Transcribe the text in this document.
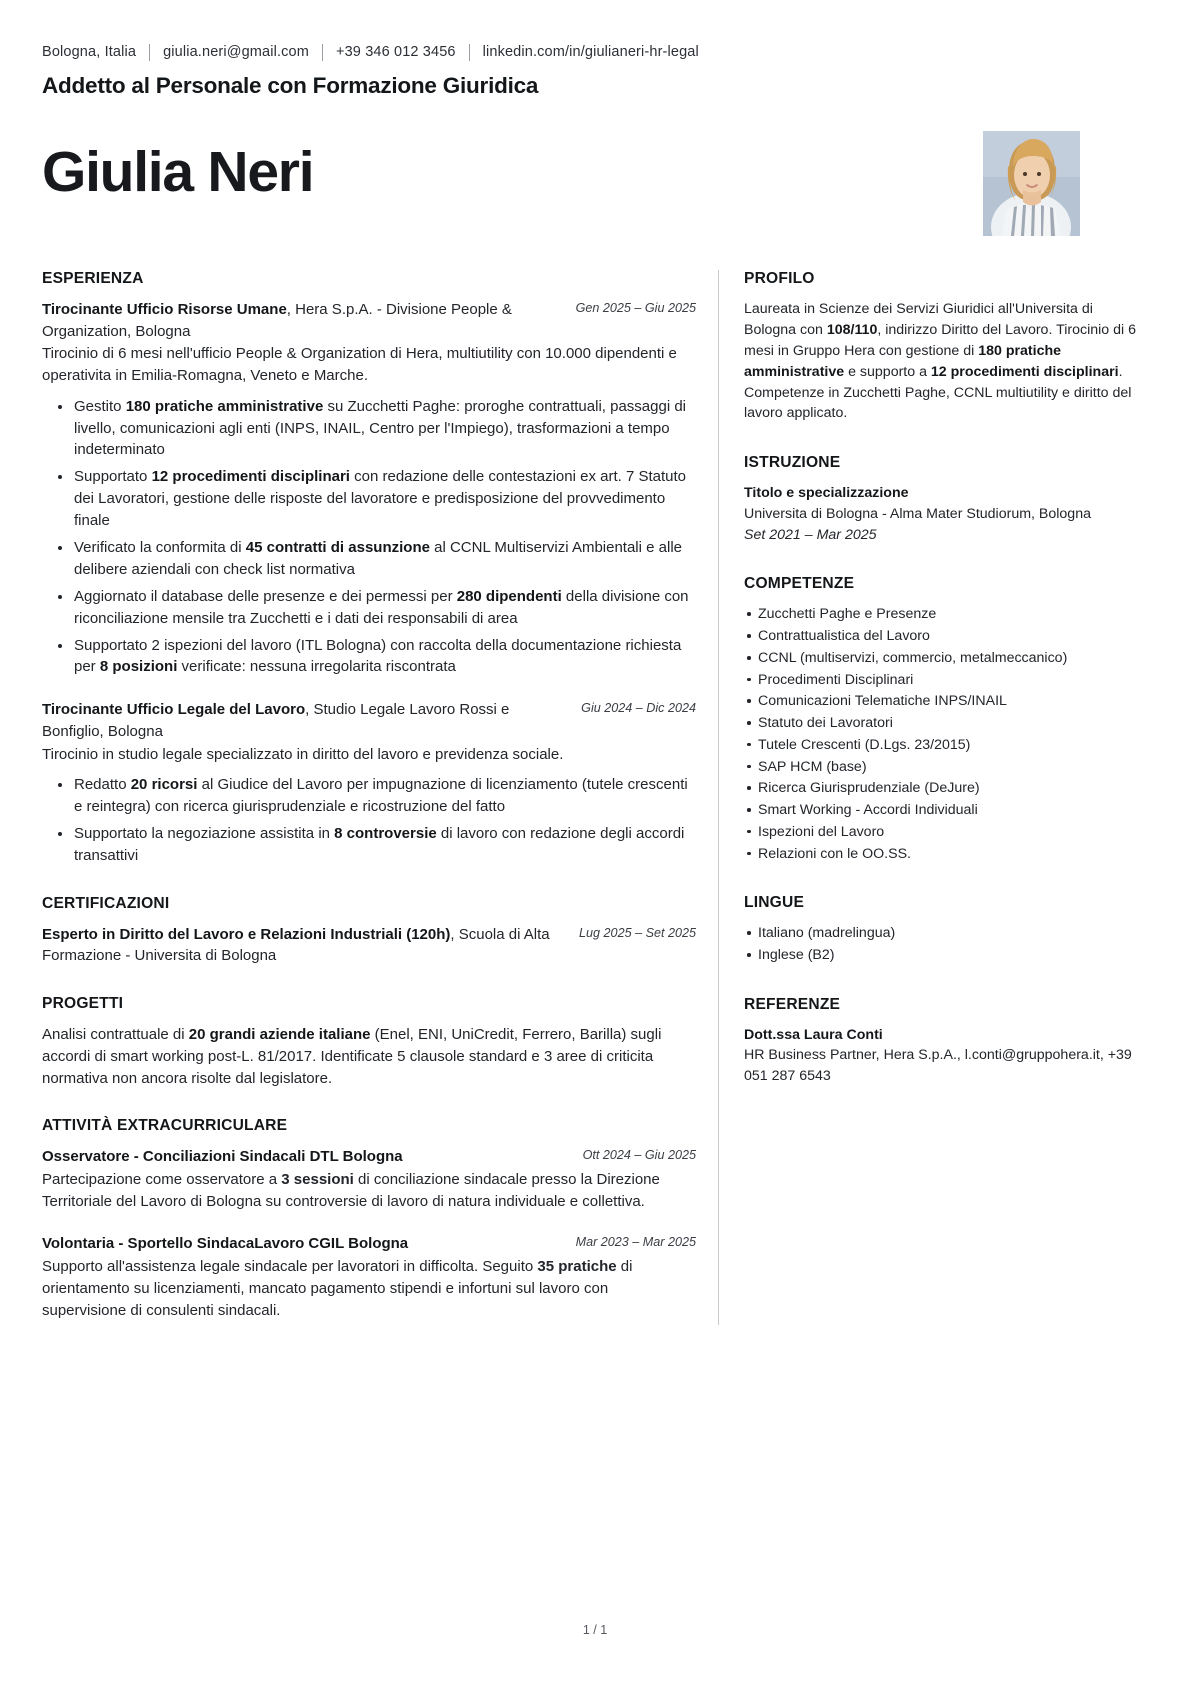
Bologna, Italia giulia.neri@gmail.com +39 346 012 3456 linkedin.com/in/giulianeri-hr-legal
Addetto al Personale con Formazione Giuridica
Giulia Neri
ESPERIENZA
Gen 2025 – Giu 2025
Tirocinante Ufficio Risorse Umane, Hera S.p.A. - Divisione People & Organization, Bologna
Tirocinio di 6 mesi nell'ufficio People & Organization di Hera, multiutility con 10.000 dipendenti e operativita in Emilia-Romagna, Veneto e Marche.
Gestito 180 pratiche amministrative su Zucchetti Paghe: proroghe contrattuali, passaggi di livello, comunicazioni agli enti (INPS, INAIL, Centro per l'Impiego), trasformazioni a tempo indeterminato
Supportato 12 procedimenti disciplinari con redazione delle contestazioni ex art. 7 Statuto dei Lavoratori, gestione delle risposte del lavoratore e predisposizione del provvedimento finale
Verificato la conformita di 45 contratti di assunzione al CCNL Multiservizi Ambientali e alle delibere aziendali con check list normativa
Aggiornato il database delle presenze e dei permessi per 280 dipendenti della divisione con riconciliazione mensile tra Zucchetti e i dati dei responsabili di area
Supportato 2 ispezioni del lavoro (ITL Bologna) con raccolta della documentazione richiesta per 8 posizioni verificate: nessuna irregolarita riscontrata
Giu 2024 – Dic 2024
Tirocinante Ufficio Legale del Lavoro, Studio Legale Lavoro Rossi e Bonfiglio, Bologna
Tirocinio in studio legale specializzato in diritto del lavoro e previdenza sociale.
Redatto 20 ricorsi al Giudice del Lavoro per impugnazione di licenziamento (tutele crescenti e reintegra) con ricerca giurisprudenziale e ricostruzione del fatto
Supportato la negoziazione assistita in 8 controversie di lavoro con redazione degli accordi transattivi
CERTIFICAZIONI
Lug 2025 – Set 2025
Esperto in Diritto del Lavoro e Relazioni Industriali (120h), Scuola di Alta Formazione - Universita di Bologna
PROGETTI
Analisi contrattuale di 20 grandi aziende italiane (Enel, ENI, UniCredit, Ferrero, Barilla) sugli accordi di smart working post-L. 81/2017. Identificate 5 clausole standard e 3 aree di criticita normativa non ancora risolte dal legislatore.
ATTIVITÀ EXTRACURRICULARE
Ott 2024 – Giu 2025
Osservatore - Conciliazioni Sindacali DTL Bologna
Partecipazione come osservatore a 3 sessioni di conciliazione sindacale presso la Direzione Territoriale del Lavoro di Bologna su controversie di lavoro di natura individuale e collettiva.
Mar 2023 – Mar 2025
Volontaria - Sportello SindacaLavoro CGIL Bologna
Supporto all'assistenza legale sindacale per lavoratori in difficolta. Seguito 35 pratiche di orientamento su licenziamenti, mancato pagamento stipendi e infortuni sul lavoro con supervisione di consulenti sindacali.
PROFILO
Laureata in Scienze dei Servizi Giuridici all'Universita di Bologna con 108/110, indirizzo Diritto del Lavoro. Tirocinio di 6 mesi in Gruppo Hera con gestione di 180 pratiche amministrative e supporto a 12 procedimenti disciplinari. Competenze in Zucchetti Paghe, CCNL multiutility e diritto del lavoro applicato.
ISTRUZIONE
Titolo e specializzazione
Universita di Bologna - Alma Mater Studiorum, Bologna
Set 2021 – Mar 2025
COMPETENZE
Zucchetti Paghe e Presenze
Contrattualistica del Lavoro
CCNL (multiservizi, commercio, metalmeccanico)
Procedimenti Disciplinari
Comunicazioni Telematiche INPS/INAIL
Statuto dei Lavoratori
Tutele Crescenti (D.Lgs. 23/2015)
SAP HCM (base)
Ricerca Giurisprudenziale (DeJure)
Smart Working - Accordi Individuali
Ispezioni del Lavoro
Relazioni con le OO.SS.
LINGUE
Italiano (madrelingua)
Inglese (B2)
REFERENZE
Dott.ssa Laura Conti
HR Business Partner, Hera S.p.A., l.conti@gruppohera.it, +39 051 287 6543
1 / 1
